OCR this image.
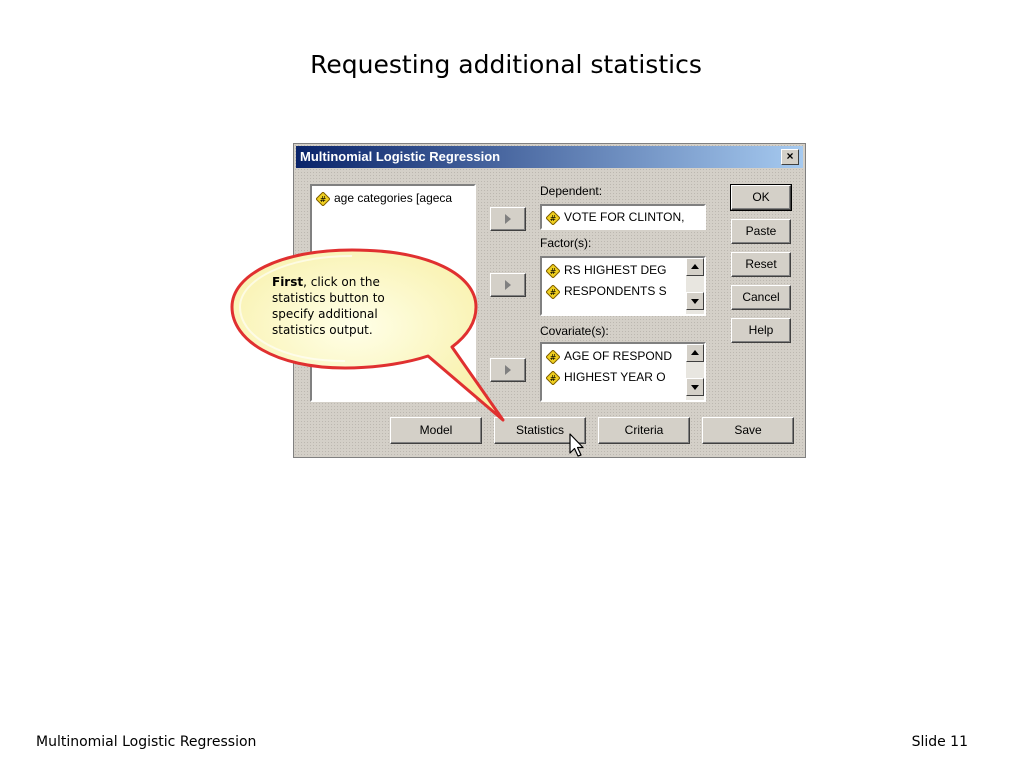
Requesting additional statistics
Multinomial Logistic Regression	×
# age categories [ageca	Dependent:
# VOTE FOR CLINTON,
Factor(s):
# RS HIGHEST DEG
# RESPONDENTS S
Covariate(s):
# AGE OF RESPOND
# HIGHEST YEAR O
OK
Paste
Reset
Cancel
Help
Model	Statistics	Criteria	Save
First, click on the statistics button to specify additional statistics output.
Multinomial Logistic Regression	Slide 11
